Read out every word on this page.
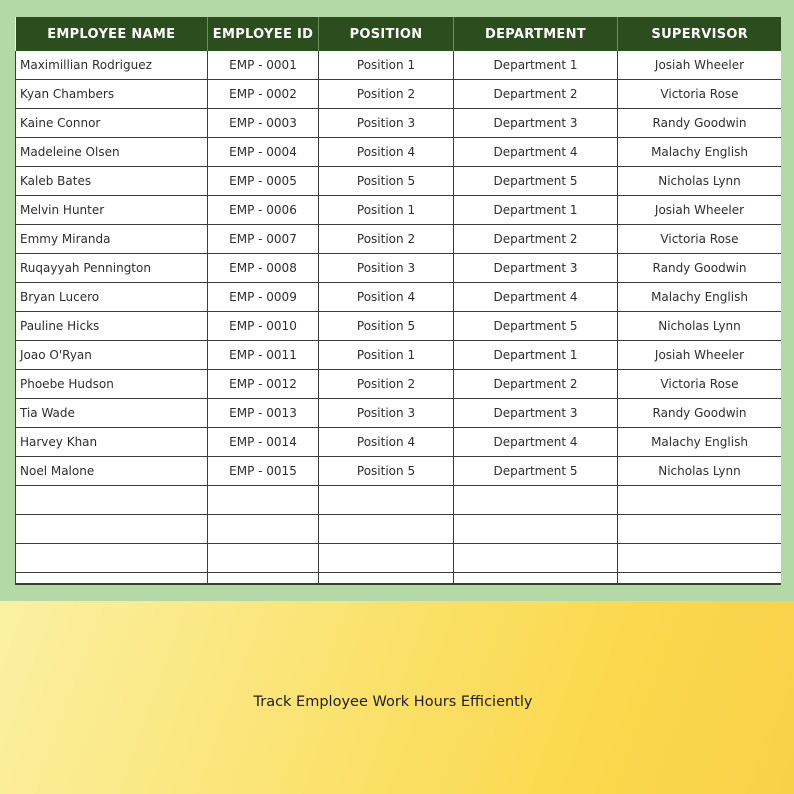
EMPLOYEE NAME	EMPLOYEE ID	POSITION	DEPARTMENT	SUPERVISOR
Maximillian Rodriguez	EMP - 0001	Position 1	Department 1	Josiah Wheeler
Kyan Chambers	EMP - 0002	Position 2	Department 2	Victoria Rose
Kaine Connor	EMP - 0003	Position 3	Department 3	Randy Goodwin
Madeleine Olsen	EMP - 0004	Position 4	Department 4	Malachy English
Kaleb Bates	EMP - 0005	Position 5	Department 5	Nicholas Lynn
Melvin Hunter	EMP - 0006	Position 1	Department 1	Josiah Wheeler
Emmy Miranda	EMP - 0007	Position 2	Department 2	Victoria Rose
Ruqayyah Pennington	EMP - 0008	Position 3	Department 3	Randy Goodwin
Bryan Lucero	EMP - 0009	Position 4	Department 4	Malachy English
Pauline Hicks	EMP - 0010	Position 5	Department 5	Nicholas Lynn
Joao O'Ryan	EMP - 0011	Position 1	Department 1	Josiah Wheeler
Phoebe Hudson	EMP - 0012	Position 2	Department 2	Victoria Rose
Tia Wade	EMP - 0013	Position 3	Department 3	Randy Goodwin
Harvey Khan	EMP - 0014	Position 4	Department 4	Malachy English
Noel Malone	EMP - 0015	Position 5	Department 5	Nicholas Lynn

Track Employee Work Hours Efficiently
